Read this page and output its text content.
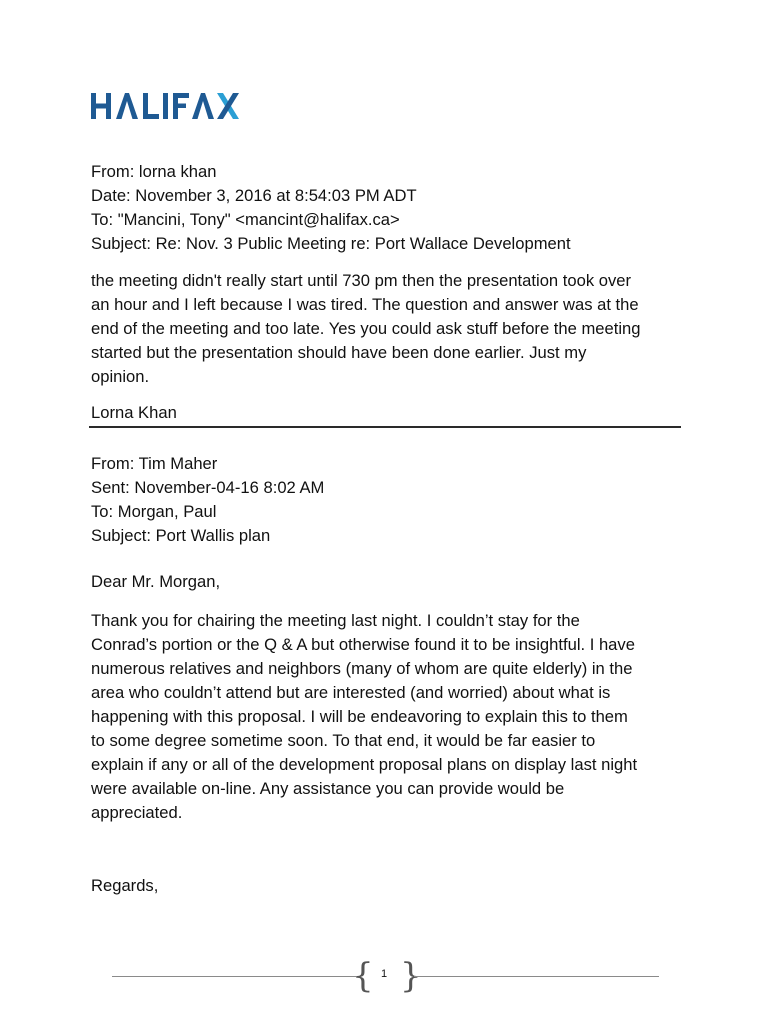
From: lorna khan
Date: November 3, 2016 at 8:54:03 PM ADT
To: "Mancini, Tony" <mancint@halifax.ca>
Subject: Re: Nov. 3 Public Meeting re: Port Wallace Development
the meeting didn't really start until 730 pm then the presentation took over
an hour and I left because I was tired. The question and answer was at the
end of the meeting and too late. Yes you could ask stuff before the meeting
started but the presentation should have been done earlier. Just my
opinion.
Lorna Khan
From: Tim Maher
Sent: November-04-16 8:02 AM
To: Morgan, Paul
Subject: Port Wallis plan
Dear Mr. Morgan,
Thank you for chairing the meeting last night. I couldn’t stay for the
Conrad’s portion or the Q & A but otherwise found it to be insightful. I have
numerous relatives and neighbors (many of whom are quite elderly) in the
area who couldn’t attend but are interested (and worried) about what is
happening with this proposal. I will be endeavoring to explain this to them
to some degree sometime soon. To that end, it would be far easier to
explain if any or all of the development proposal plans on display last night
were available on-line. Any assistance you can provide would be
appreciated.
Regards,
{ 1 }
